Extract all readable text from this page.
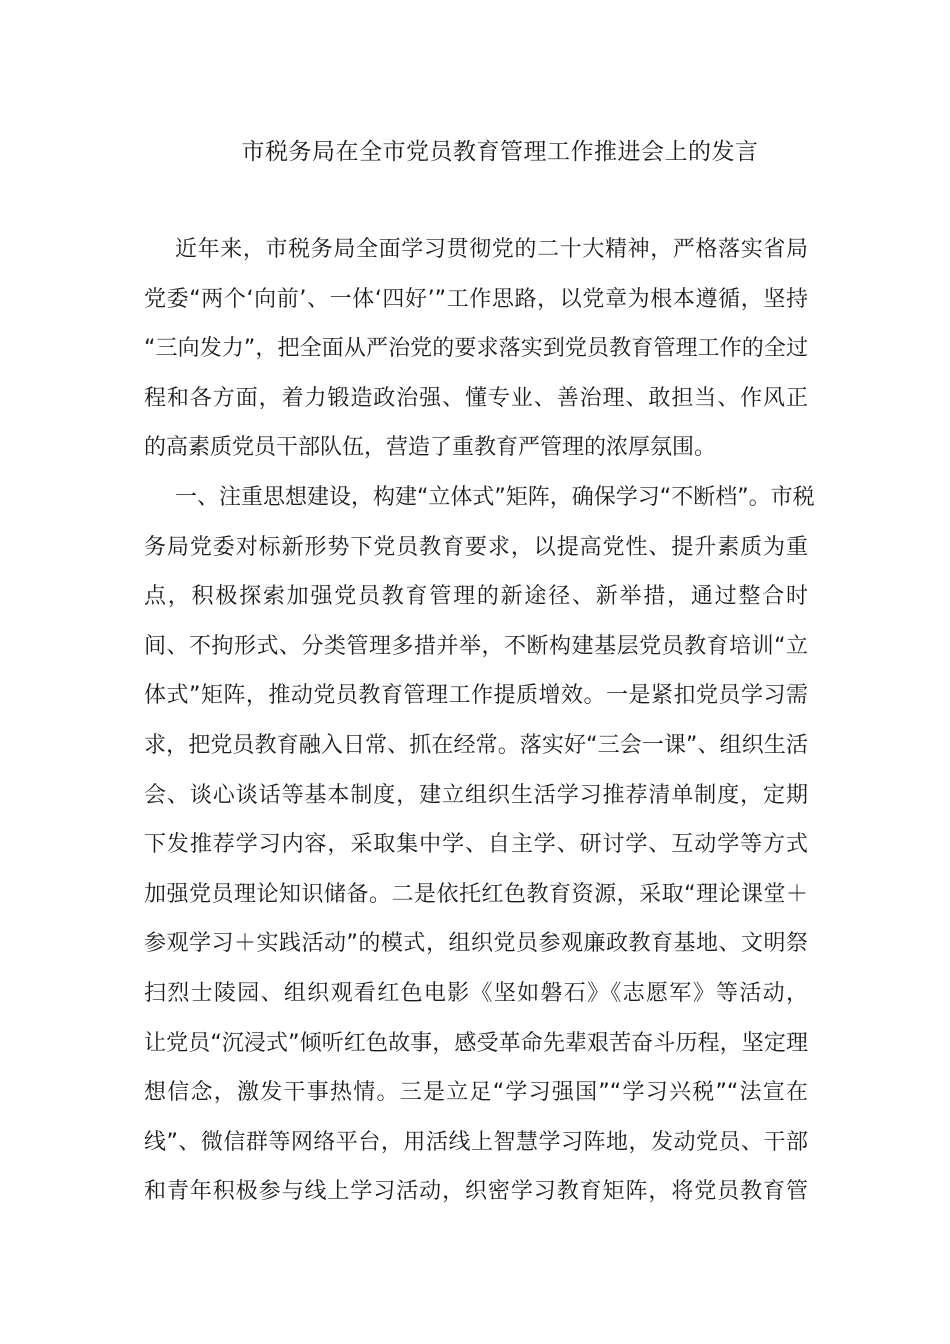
市税务局在全市党员教育管理工作推进会上的发言
近年来，市税务局全面学习贯彻党的二十大精神，严格落实省局
党委“两个‘向前’、一体‘四好’”工作思路，以党章为根本遵循，坚持
“三向发力”，把全面从严治党的要求落实到党员教育管理工作的全过
程和各方面，着力锻造政治强、懂专业、善治理、敢担当、作风正
的高素质党员干部队伍，营造了重教育严管理的浓厚氛围。
一、注重思想建设，构建“立体式”矩阵，确保学习“不断档”。市税
务局党委对标新形势下党员教育要求，以提高党性、提升素质为重
点，积极探索加强党员教育管理的新途径、新举措，通过整合时
间、不拘形式、分类管理多措并举，不断构建基层党员教育培训“立
体式”矩阵，推动党员教育管理工作提质增效。一是紧扣党员学习需
求，把党员教育融入日常、抓在经常。落实好“三会一课”、组织生活
会、谈心谈话等基本制度，建立组织生活学习推荐清单制度，定期
下发推荐学习内容，采取集中学、自主学、研讨学、互动学等方式
加强党员理论知识储备。二是依托红色教育资源，采取“理论课堂＋
参观学习＋实践活动”的模式，组织党员参观廉政教育基地、文明祭
扫烈士陵园、组织观看红色电影《坚如磐石》《志愿军》等活动，
让党员“沉浸式”倾听红色故事，感受革命先辈艰苦奋斗历程，坚定理
想信念，激发干事热情。三是立足“学习强国”“学习兴税”“法宣在
线”、微信群等网络平台，用活线上智慧学习阵地，发动党员、干部
和青年积极参与线上学习活动，织密学习教育矩阵，将党员教育管
